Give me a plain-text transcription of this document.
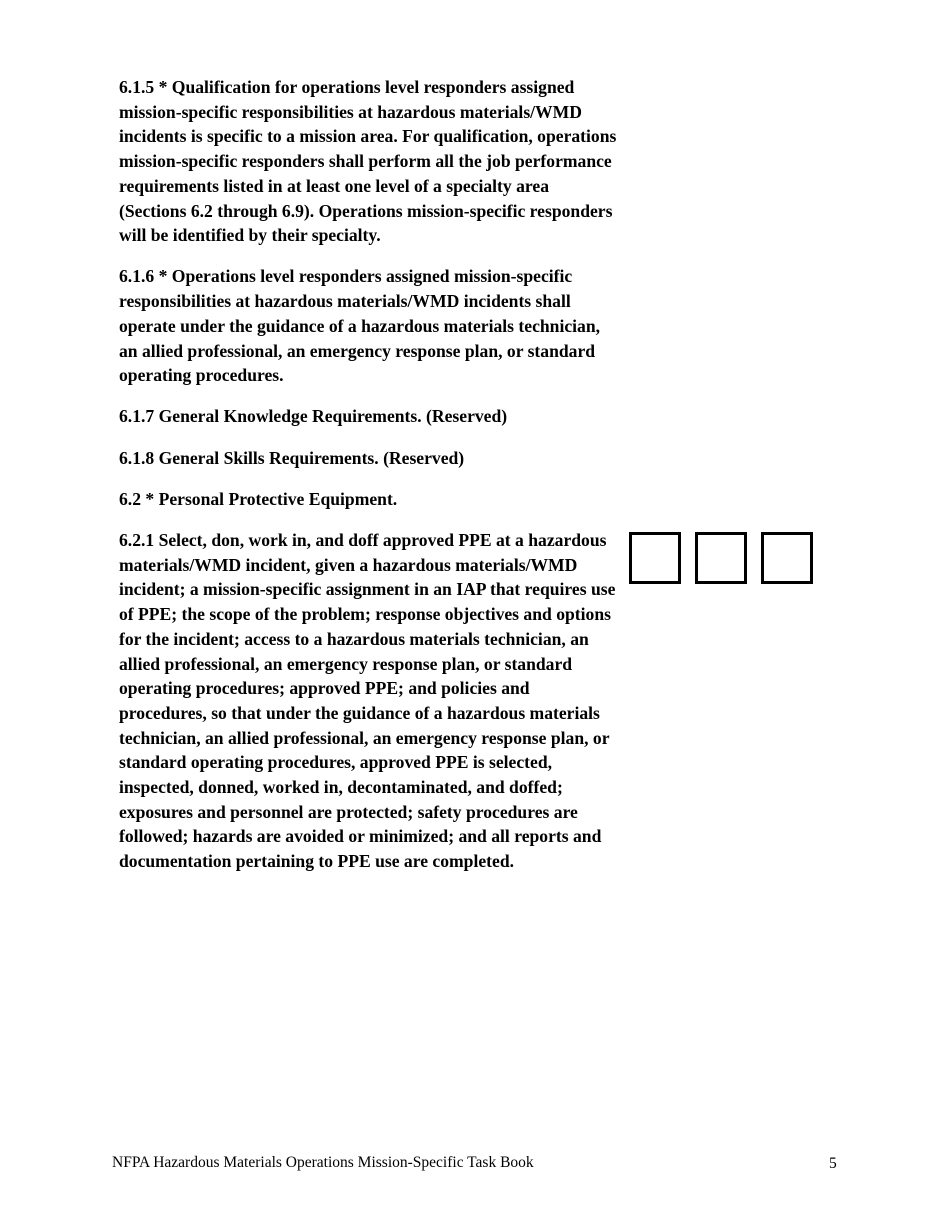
6.1.5 * Qualification for operations level responders assigned mission-specific responsibilities at hazardous materials/WMD incidents is specific to a mission area. For qualification, operations mission-specific responders shall perform all the job performance requirements listed in at least one level of a specialty area (Sections 6.2 through 6.9). Operations mission-specific responders will be identified by their specialty.

6.1.6 * Operations level responders assigned mission-specific responsibilities at hazardous materials/WMD incidents shall operate under the guidance of a hazardous materials technician, an allied professional, an emergency response plan, or standard operating procedures.

6.1.7 General Knowledge Requirements. (Reserved)

6.1.8 General Skills Requirements. (Reserved)

6.2 * Personal Protective Equipment.

6.2.1 Select, don, work in, and doff approved PPE at a hazardous materials/WMD incident, given a hazardous materials/WMD incident; a mission-specific assignment in an IAP that requires use of PPE; the scope of the problem; response objectives and options for the incident; access to a hazardous materials technician, an allied professional, an emergency response plan, or standard operating procedures; approved PPE; and policies and procedures, so that under the guidance of a hazardous materials technician, an allied professional, an emergency response plan, or standard operating procedures, approved PPE is selected, inspected, donned, worked in, decontaminated, and doffed; exposures and personnel are protected; safety procedures are followed; hazards are avoided or minimized; and all reports and documentation pertaining to PPE use are completed.

NFPA Hazardous Materials Operations Mission-Specific Task Book	5
